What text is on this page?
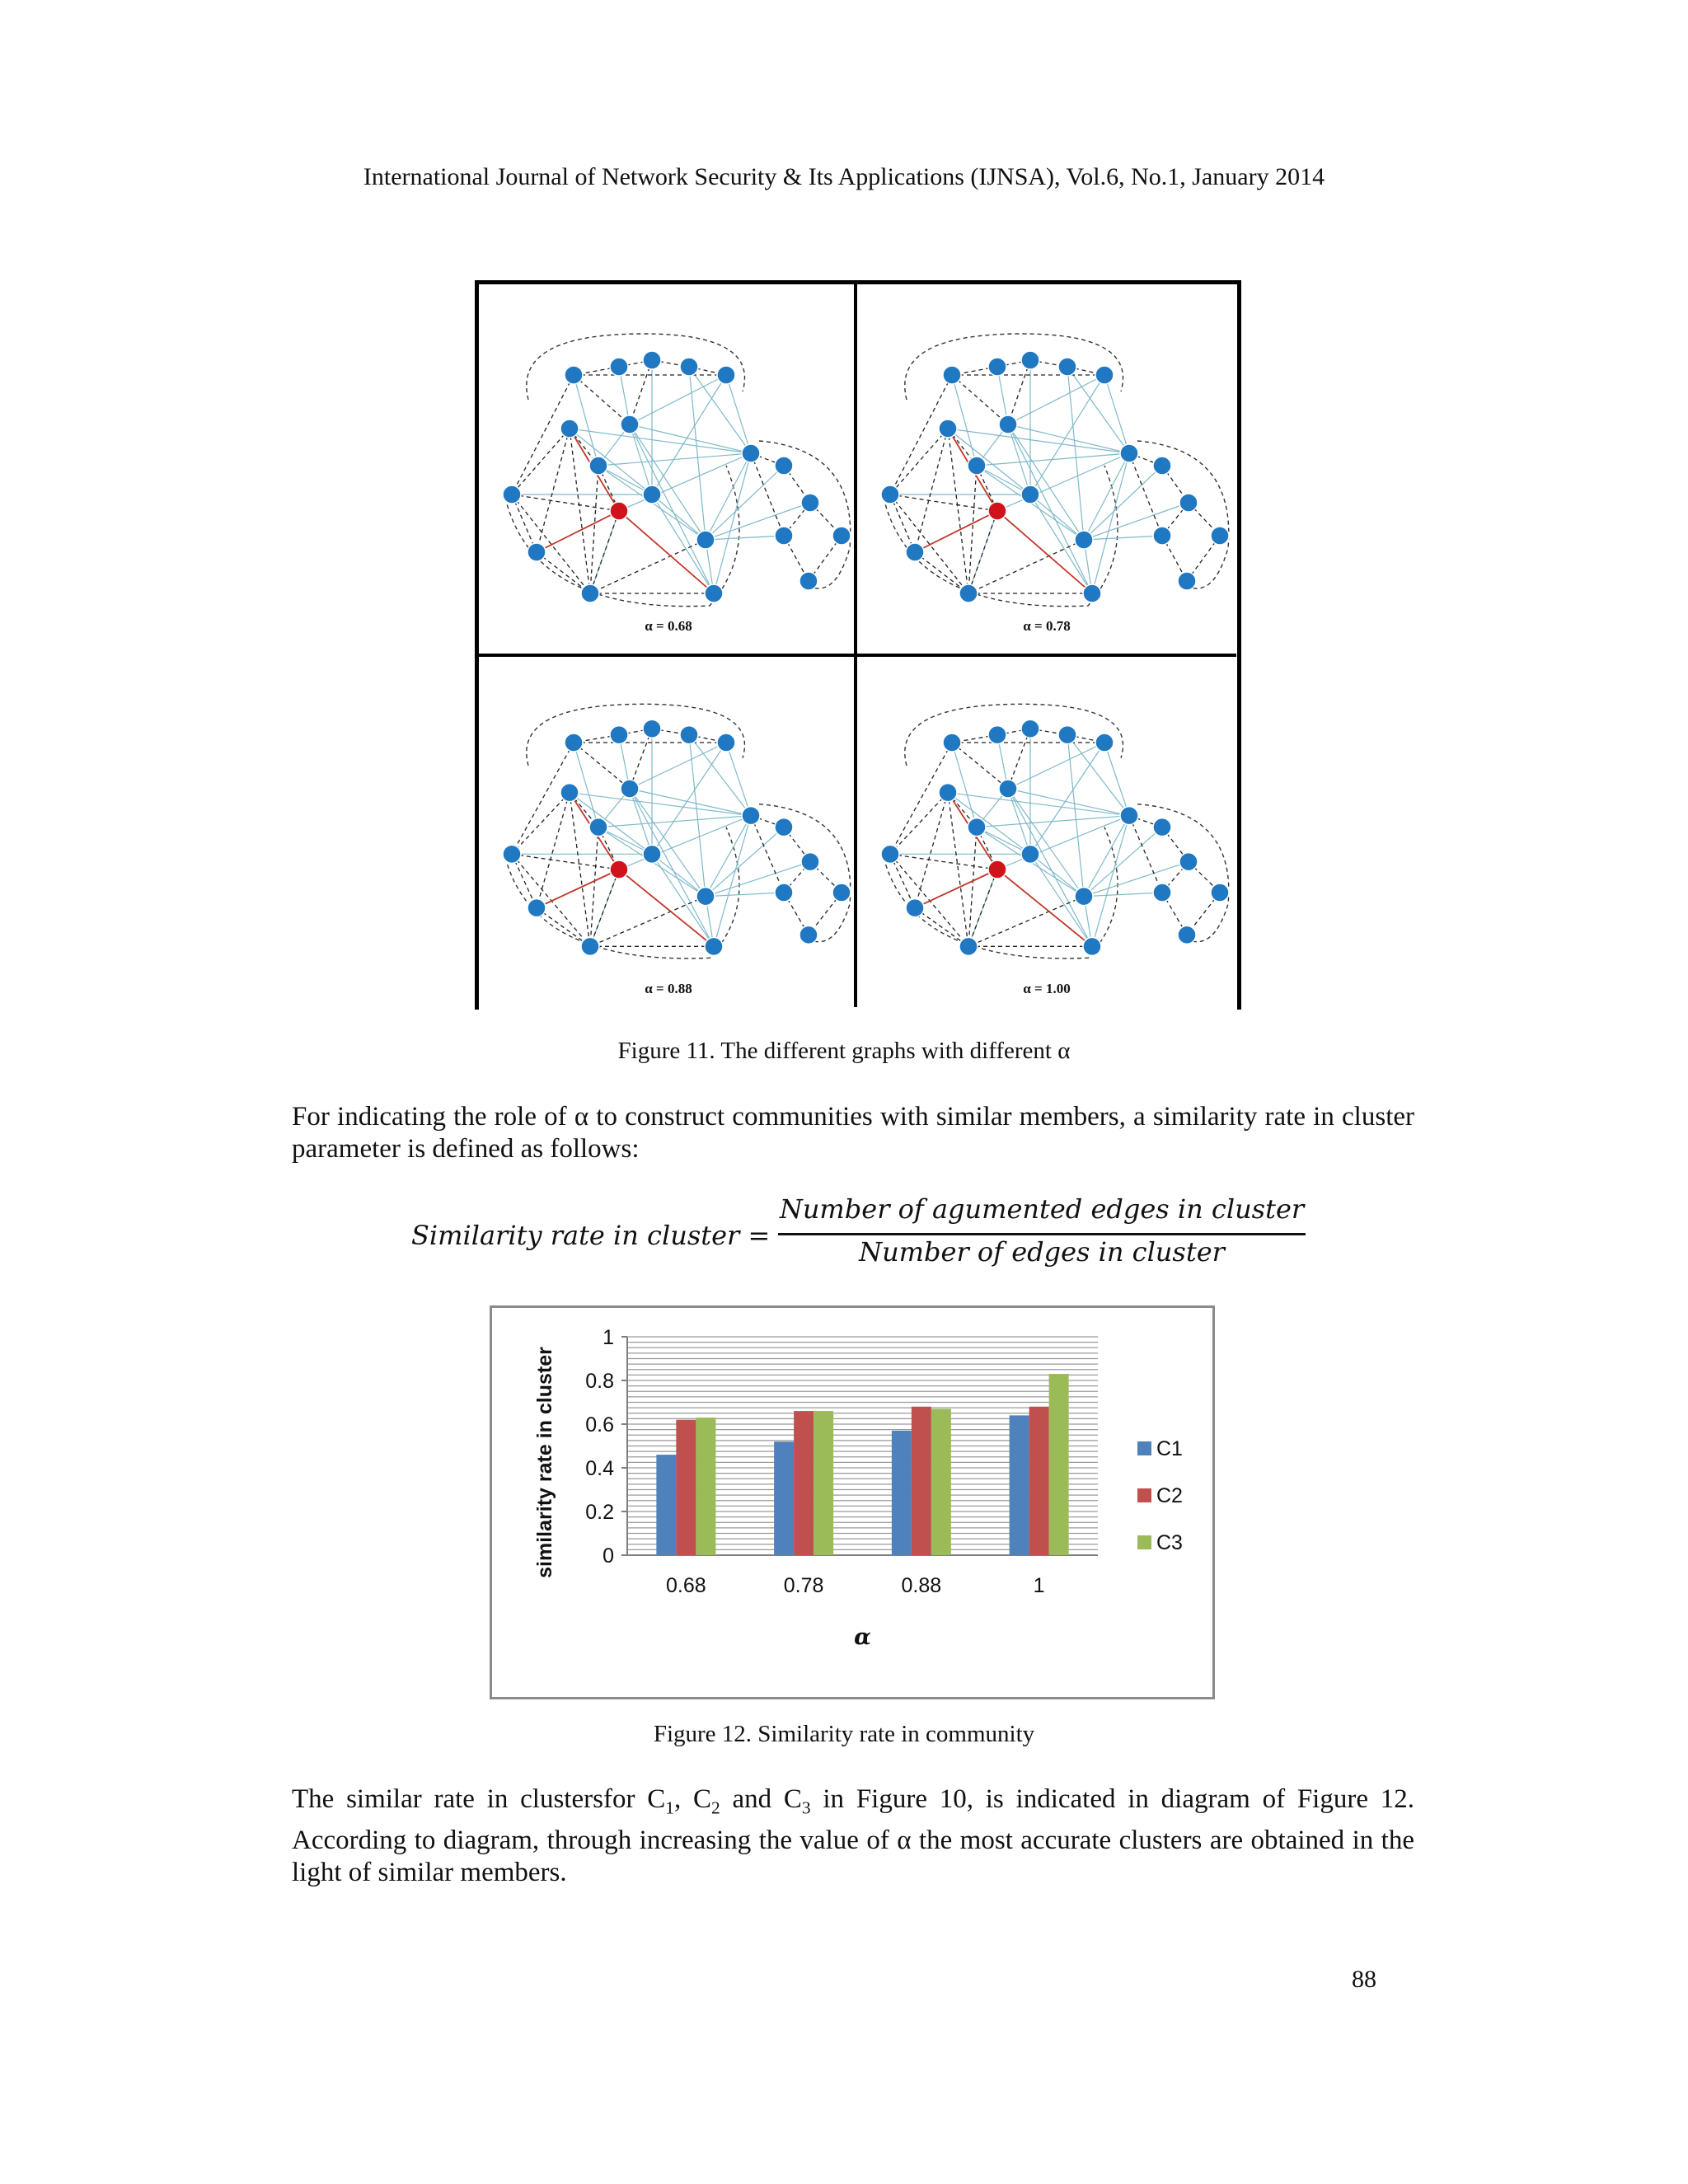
International Journal of Network Security & Its Applications (IJNSA), Vol.6, No.1, January 2014
α = 0.68	α = 0.78
α = 0.88	α = 1.00
Figure 11. The different graphs with different α
For indicating the role of α to construct communities with similar members, a similarity rate in cluster parameter is defined as follows:
Similarity rate in cluster =
Number of agumented edges in cluster
Number of edges in cluster
0
0.2
0.4
0.6
0.8
1
0.68	0.78	0.88	1
α
similarity rate in cluster	C1
C2
C3
Figure 12. Similarity rate in community
The similar rate in clustersfor $C_1$, $C_2$ and $C_3$ in Figure 10, is indicated in diagram of Figure 12. According to diagram, through increasing the value of α the most accurate clusters are obtained in the light of similar members.
88
